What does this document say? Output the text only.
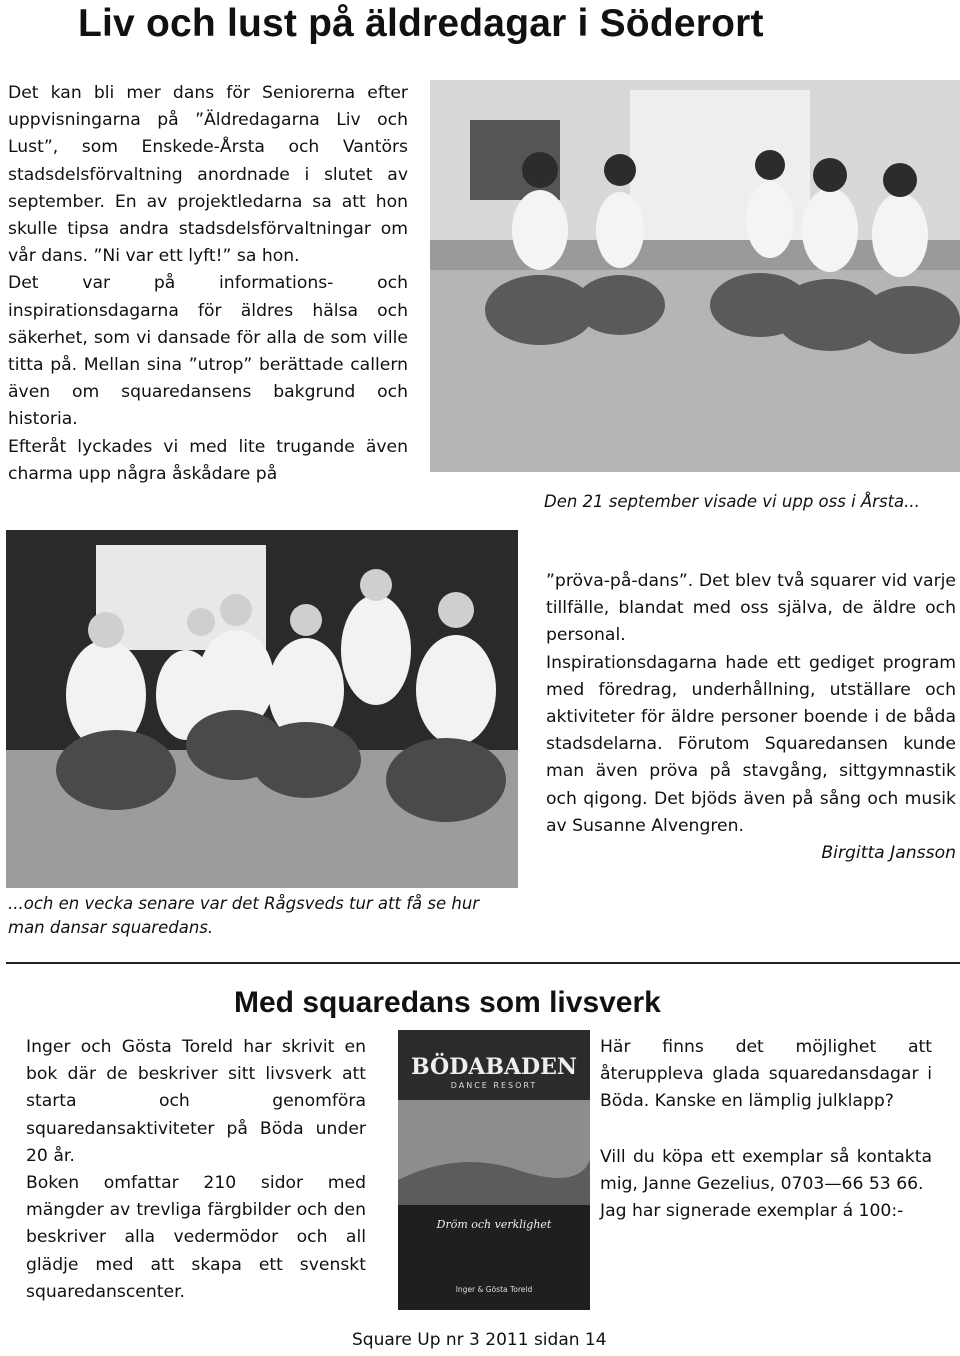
Liv och lust på äldredagar i Söderort

Det kan bli mer dans för Seniorerna efter uppvisningarna på ”Äldredagarna Liv och Lust”, som Enskede-Årsta och Vantörs stadsdelsförvaltning anordnade i slutet av september. En av projektledarna sa att hon skulle tipsa andra stadsdelsförvaltningar om vår dans. ”Ni var ett lyft!” sa hon.

Det var på informations- och inspirationsdagarna för äldres hälsa och säkerhet, som vi dansade för alla de som ville titta på. Mellan sina ”utrop” berättade callern även om squaredansens bakgrund och historia.

Efteråt lyckades vi med lite trugande även charma upp några åskådare på

Den 21 september visade vi upp oss i Årsta...
...och en vecka senare var det Rågsveds tur att få se hur man dansar squaredans.

”pröva-på-dans”. Det blev två squarer vid varje tillfälle, blandat med oss själva, de äldre och personal.

Inspirationsdagarna hade ett gediget program med föredrag, underhållning, utställare och aktiviteter för äldre personer boende i de båda stadsdelarna. Förutom Squaredansen kunde man även pröva på stavgång, sittgymnastik och qigong. Det bjöds även på sång och musik av Susanne Alvengren.

Birgitta Jansson

Med squaredans som livsverk

Inger och Gösta Toreld har skrivit en bok där de beskriver sitt livsverk att starta och genomföra squaredansaktiviteter på Böda under 20 år.

Boken omfattar 210 sidor med mängder av trevliga färgbilder och den beskriver alla vedermödor och all glädje med att skapa ett svenskt squaredanscenter.

BÖDABADEN
DANCE RESORT
Dröm och verklighet
Inger & Gösta Toreld

Här finns det möjlighet att återuppleva glada squaredansdagar i Böda. Kanske en lämplig julklapp?

Vill du köpa ett exemplar så kontakta mig, Janne Gezelius, 0703—66 53 66.

Jag har signerade exemplar á 100:-

Square Up nr 3 2011 sidan 14
